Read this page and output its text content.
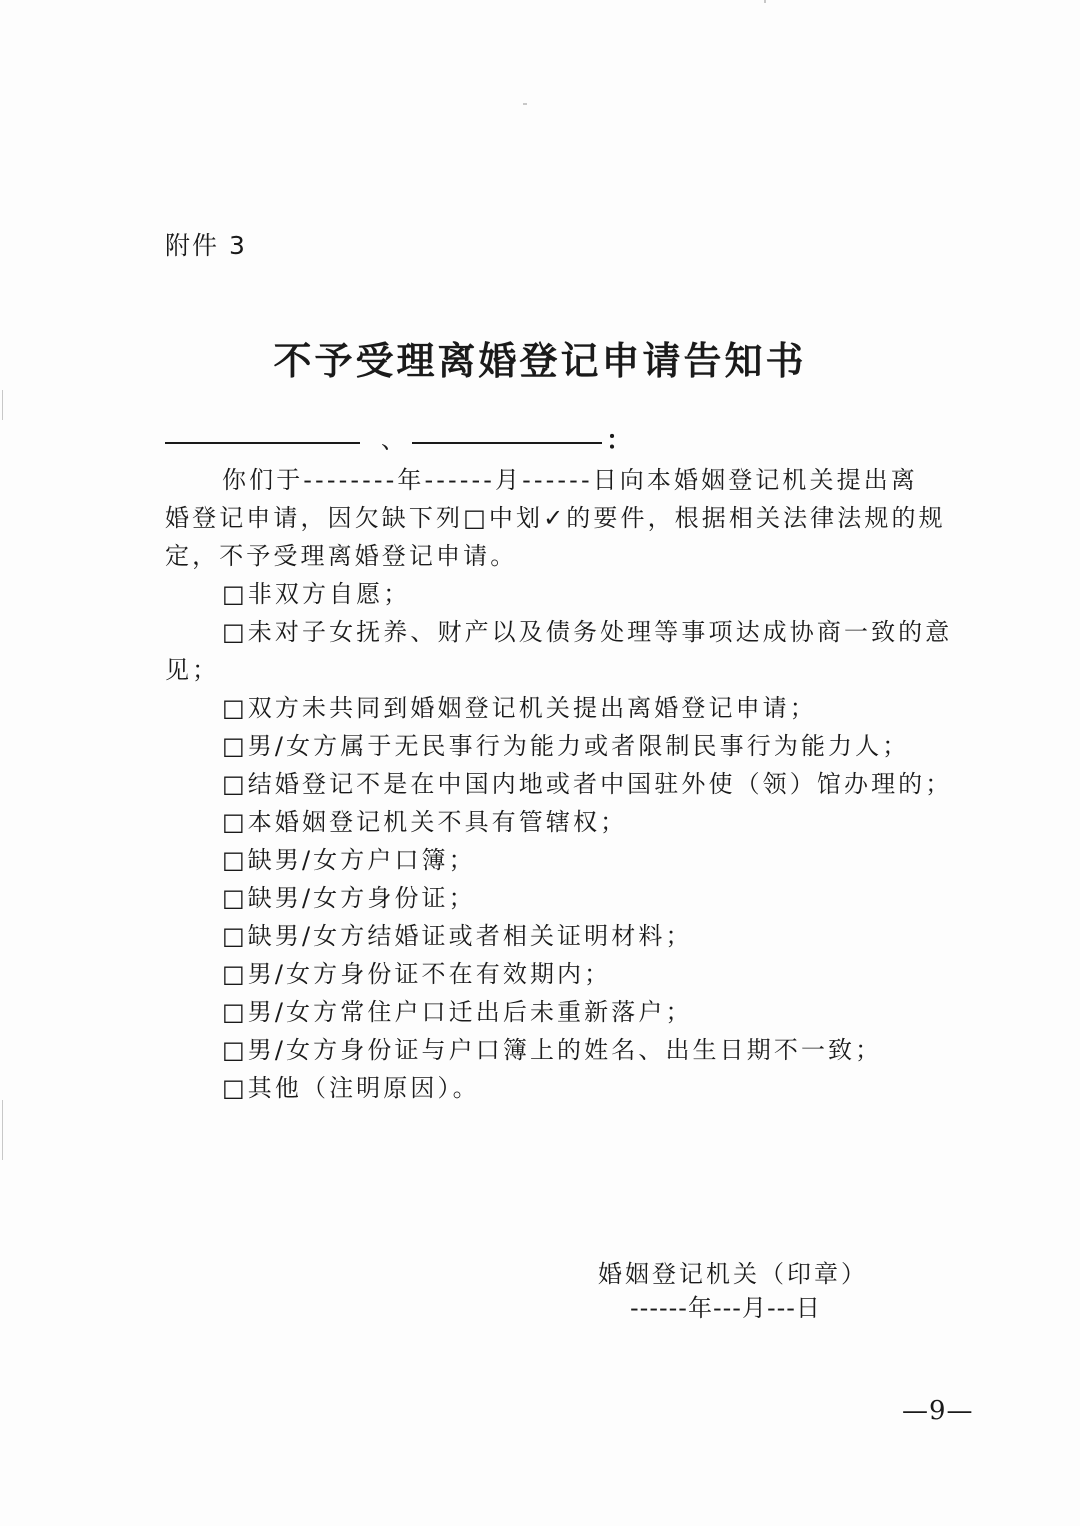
附件 3
不予受理离婚登记申请告知书
、	：
你们于--------年------月------日向本婚姻登记机关提出离
婚登记申请，因欠缺下列□中划✓的要件，根据相关法律法规的规
定，不予受理离婚登记申请。
□非双方自愿；
□未对子女抚养、财产以及债务处理等事项达成协商一致的意
见；
□双方未共同到婚姻登记机关提出离婚登记申请；
□男/女方属于无民事行为能力或者限制民事行为能力人；
□结婚登记不是在中国内地或者中国驻外使（领）馆办理的；
□本婚姻登记机关不具有管辖权；
□缺男/女方户口簿；
□缺男/女方身份证；
□缺男/女方结婚证或者相关证明材料；
□男/女方身份证不在有效期内；
□男/女方常住户口迁出后未重新落户；
□男/女方身份证与户口簿上的姓名、出生日期不一致；
□其他（注明原因）。
婚姻登记机关（印章）
------年---月---日
—9—
